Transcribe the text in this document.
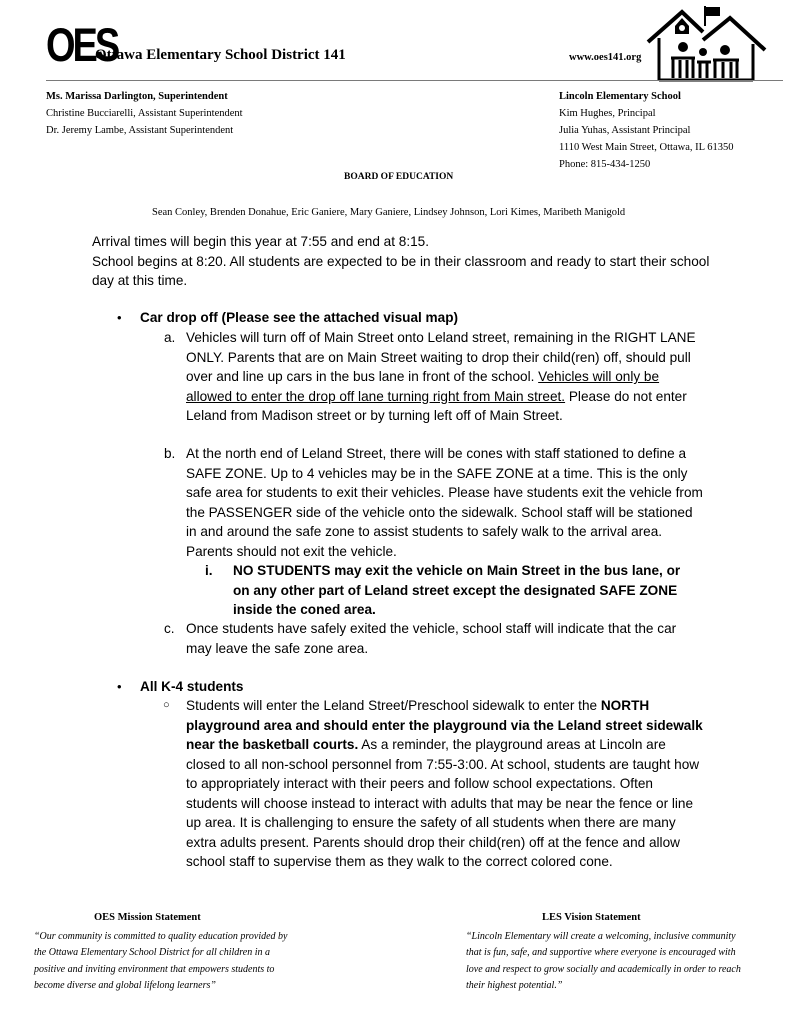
OES
Ottawa Elementary School District 141	www.oes141.org
Ms. Marissa Darlington, Superintendent
Christine Bucciarelli, Assistant Superintendent
Dr. Jeremy Lambe, Assistant Superintendent
Lincoln Elementary School
Kim Hughes, Principal
Julia Yuhas, Assistant Principal
1110 West Main Street, Ottawa, IL 61350
Phone: 815-434-1250
BOARD OF EDUCATION
Sean Conley, Brenden Donahue, Eric Ganiere, Mary Ganiere, Lindsey Johnson, Lori Kimes, Maribeth Manigold
Arrival times will begin this year at 7:55 and end at 8:15.
School begins at 8:20. All students are expected to be in their classroom and ready to start their school day at this time.
• Car drop off (Please see the attached visual map)
a. Vehicles will turn off of Main Street onto Leland street, remaining in the RIGHT LANE ONLY. Parents that are on Main Street waiting to drop their child(ren) off, should pull over and line up cars in the bus lane in front of the school. Vehicles will only be allowed to enter the drop off lane turning right from Main street. Please do not enter Leland from Madison street or by turning left off of Main Street.
b. At the north end of Leland Street, there will be cones with staff stationed to define a SAFE ZONE. Up to 4 vehicles may be in the SAFE ZONE at a time. This is the only safe area for students to exit their vehicles. Please have students exit the vehicle from the PASSENGER side of the vehicle onto the sidewalk. School staff will be stationed in and around the safe zone to assist students to safely walk to the arrival area. Parents should not exit the vehicle.
i. NO STUDENTS may exit the vehicle on Main Street in the bus lane, or on any other part of Leland street except the designated SAFE ZONE inside the coned area.
c. Once students have safely exited the vehicle, school staff will indicate that the car may leave the safe zone area.
• All K-4 students
○ Students will enter the Leland Street/Preschool sidewalk to enter the NORTH playground area and should enter the playground via the Leland street sidewalk near the basketball courts. As a reminder, the playground areas at Lincoln are closed to all non-school personnel from 7:55-3:00. At school, students are taught how to appropriately interact with their peers and follow school expectations. Often students will choose instead to interact with adults that may be near the fence or line up area. It is challenging to ensure the safety of all students when there are many extra adults present. Parents should drop their child(ren) off at the fence and allow school staff to supervise them as they walk to the correct colored cone.
OES Mission Statement
“Our community is committed to quality education provided by the Ottawa Elementary School District for all children in a positive and inviting environment that empowers students to become diverse and global lifelong learners”
LES Vision Statement
“Lincoln Elementary will create a welcoming, inclusive community that is fun, safe, and supportive where everyone is encouraged with love and respect to grow socially and academically in order to reach their highest potential.”
